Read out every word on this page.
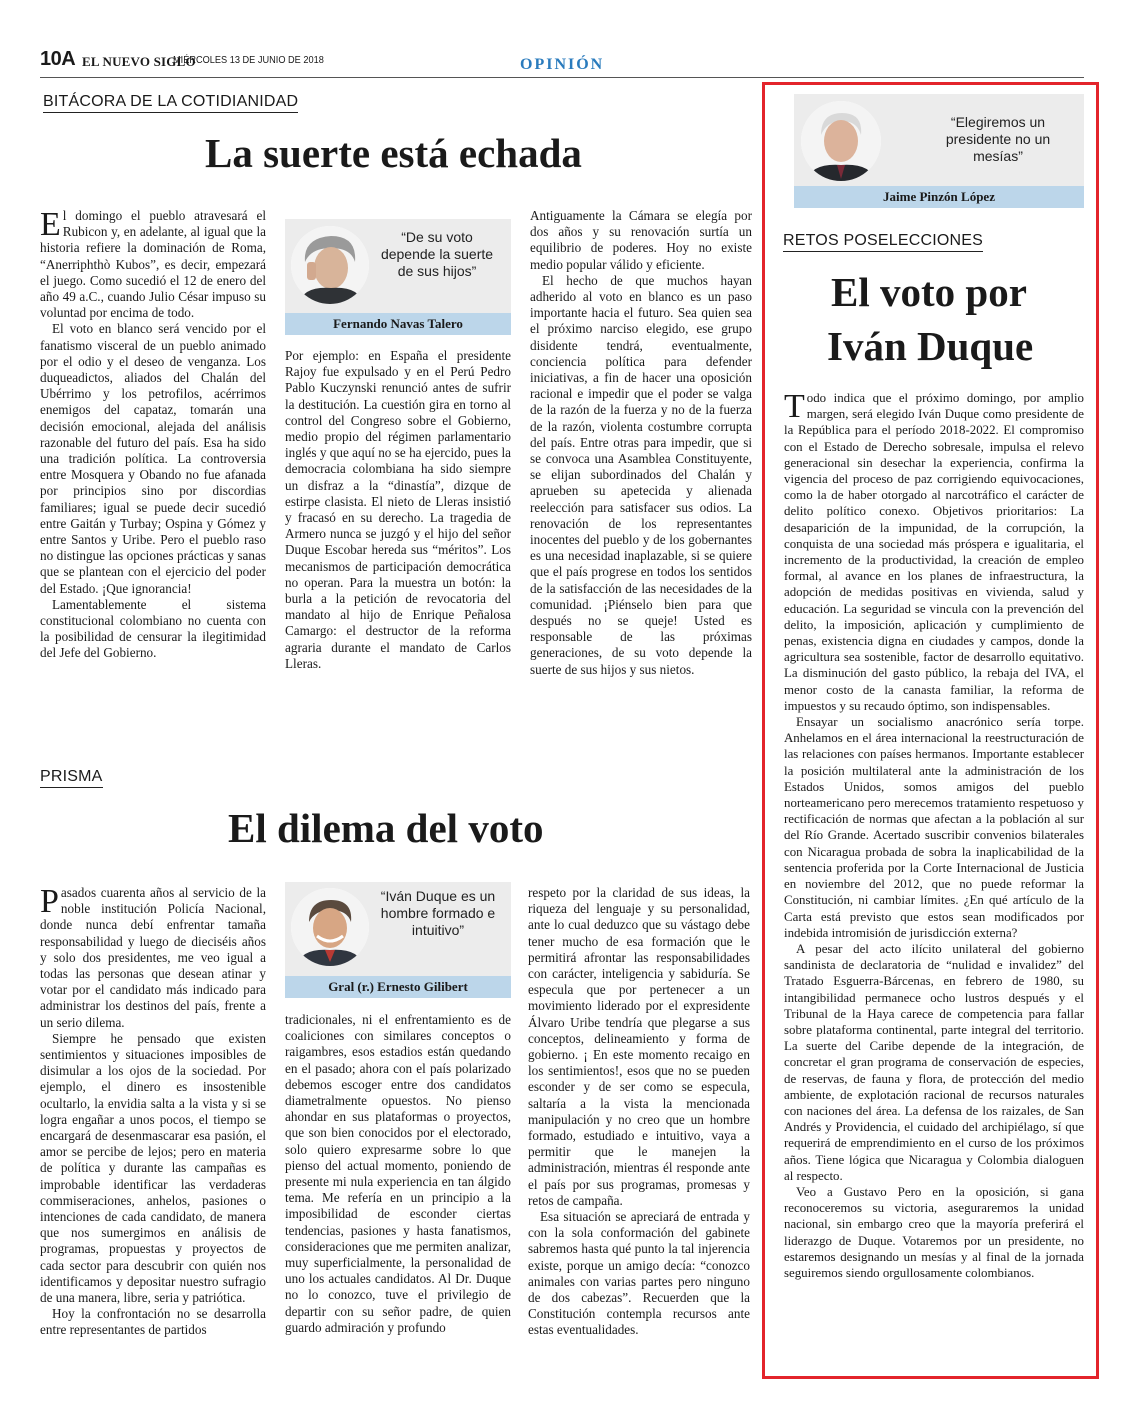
10A EL NUEVO SIGLO
MIÉRCOLES 13 DE JUNIO DE 2018	OPINIÓN
BITÁCORA DE LA COTIDIANIDAD
La suerte está echada

El domingo el pueblo atravesará el Rubicon y, en adelante, al igual que la historia refiere la dominación de Roma, “Anerriphthò Kubos”, es decir, empezará el juego. Como sucedió el 12 de enero del año 49 a.C., cuando Julio César impuso su voluntad por encima de todo.

El voto en blanco será vencido por el fanatismo visceral de un pueblo animado por el odio y el deseo de venganza. Los duqueadictos, aliados del Chalán del Ubérrimo y los petrofilos, acérrimos enemigos del capataz, tomarán una decisión emocional, alejada del análisis razonable del futuro del país. Esa ha sido una tradición política. La controversia entre Mosquera y Obando no fue afanada por principios sino por discordias familiares; igual se puede decir sucedió entre Gaitán y Turbay; Ospina y Gómez y entre Santos y Uribe. Pero el pueblo raso no distingue las opciones prácticas y sanas que se plantean con el ejercicio del poder del Estado. ¡Que ignorancia!

Lamentablemente el sistema constitucional colombiano no cuenta con la posibilidad de censurar la ilegitimidad del Jefe del Gobierno.

“De su voto depende la suerte de sus hijos”
Fernando Navas Talero

Por ejemplo: en España el presidente Rajoy fue expulsado y en el Perú Pedro Pablo Kuczynski renunció antes de sufrir la destitución. La cuestión gira en torno al control del Congreso sobre el Gobierno, medio propio del régimen parlamentario inglés y que aquí no se ha ejercido, pues la democracia colombiana ha sido siempre un disfraz a la “dinastía”, dizque de estirpe clasista. El nieto de Lleras insistió y fracasó en su derecho. La tragedia de Armero nunca se juzgó y el hijo del señor Duque Escobar hereda sus “méritos”. Los mecanismos de participación democrática no operan. Para la muestra un botón: la burla a la petición de revocatoria del mandato al hijo de Enrique Peñalosa Camargo: el destructor de la reforma agraria durante el mandato de Carlos Lleras.

Antiguamente la Cámara se elegía por dos años y su renovación surtía un equilibrio de poderes. Hoy no existe medio popular válido y eficiente.

El hecho de que muchos hayan adherido al voto en blanco es un paso importante hacia el futuro. Sea quien sea el próximo narciso elegido, ese grupo disidente tendrá, eventualmente, conciencia política para defender iniciativas, a fin de hacer una oposición racional e impedir que el poder se valga de la razón de la fuerza y no de la fuerza de la razón, violenta costumbre corrupta del país. Entre otras para impedir, que si se convoca una Asamblea Constituyente, se elijan subordinados del Chalán y aprueben su apetecida y alienada reelección para satisfacer sus odios. La renovación de los representantes inocentes del pueblo y de los gobernantes es una necesidad inaplazable, si se quiere que el país progrese en todos los sentidos de la satisfacción de las necesidades de la comunidad. ¡Piénselo bien para que después no se queje! Usted es responsable de las próximas generaciones, de su voto depende la suerte de sus hijos y sus nietos.

PRISMA
El dilema del voto

Pasados cuarenta años al servicio de la noble institución Policía Nacional, donde nunca debí enfrentar tamaña responsabilidad y luego de dieciséis años y solo dos presidentes, me veo igual a todas las personas que desean atinar y votar por el candidato más indicado para administrar los destinos del país, frente a un serio dilema.

Siempre he pensado que existen sentimientos y situaciones imposibles de disimular a los ojos de la sociedad. Por ejemplo, el dinero es insostenible ocultarlo, la envidia salta a la vista y si se logra engañar a unos pocos, el tiempo se encargará de desenmascarar esa pasión, el amor se percibe de lejos; pero en materia de política y durante las campañas es improbable identificar las verdaderas commiseraciones, anhelos, pasiones o intenciones de cada candidato, de manera que nos sumergimos en análisis de programas, propuestas y proyectos de cada sector para descubrir con quién nos identificamos y depositar nuestro sufragio de una manera, libre, seria y patriótica.

Hoy la confrontación no se desarrolla entre representantes de partidos

“Iván Duque es un hombre formado e intuitivo”
Gral (r.) Ernesto Gilibert

tradicionales, ni el enfrentamiento es de coaliciones con similares conceptos o raigambres, esos estadios están quedando en el pasado; ahora con el país polarizado debemos escoger entre dos candidatos diametralmente opuestos. No pienso ahondar en sus plataformas o proyectos, que son bien conocidos por el electorado, solo quiero expresarme sobre lo que pienso del actual momento, poniendo de presente mi nula experiencia en tan álgido tema. Me refería en un principio a la imposibilidad de esconder ciertas tendencias, pasiones y hasta fanatismos, consideraciones que me permiten analizar, muy superficialmente, la personalidad de uno los actuales candidatos. Al Dr. Duque no lo conozco, tuve el privilegio de departir con su señor padre, de quien guardo admiración y profundo

respeto por la claridad de sus ideas, la riqueza del lenguaje y su personalidad, ante lo cual deduzco que su vástago debe tener mucho de esa formación que le permitirá afrontar las responsabilidades con carácter, inteligencia y sabiduría. Se especula que por pertenecer a un movimiento liderado por el expresidente Álvaro Uribe tendría que plegarse a sus conceptos, delineamiento y forma de gobierno. ¡ En este momento recaigo en los sentimientos!, esos que no se pueden esconder y de ser como se especula, saltaría a la vista la mencionada manipulación y no creo que un hombre formado, estudiado e intuitivo, vaya a permitir que le manejen la administración, mientras él responde ante el país por sus programas, promesas y retos de campaña.

Esa situación se apreciará de entrada y con la sola conformación del gabinete sabremos hasta qué punto la tal injerencia existe, porque un amigo decía: “conozco animales con varias partes pero ninguno de dos cabezas”. Recuerden que la Constitución contempla recursos ante estas eventualidades.

“Elegiremos un presidente no un mesías”
Jaime Pinzón López
RETOS POSELECCIONES
El voto por
Iván Duque

Todo indica que el próximo domingo, por amplio margen, será elegido Iván Duque como presidente de la República para el período 2018-2022. El compromiso con el Estado de Derecho sobresale, impulsa el relevo generacional sin desechar la experiencia, confirma la vigencia del proceso de paz corrigiendo equivocaciones, como la de haber otorgado al narcotráfico el carácter de delito político conexo. Objetivos prioritarios: La desaparición de la impunidad, de la corrupción, la conquista de una sociedad más próspera e igualitaria, el incremento de la productividad, la creación de empleo formal, al avance en los planes de infraestructura, la adopción de medidas positivas en vivienda, salud y educación. La seguridad se vincula con la prevención del delito, la imposición, aplicación y cumplimiento de penas, existencia digna en ciudades y campos, donde la agricultura sea sostenible, factor de desarrollo equitativo. La disminución del gasto público, la rebaja del IVA, el menor costo de la canasta familiar, la reforma de impuestos y su recaudo óptimo, son indispensables.

Ensayar un socialismo anacrónico sería torpe. Anhelamos en el área internacional la reestructuración de las relaciones con países hermanos. Importante establecer la posición multilateral ante la administración de los Estados Unidos, somos amigos del pueblo norteamericano pero merecemos tratamiento respetuoso y rectificación de normas que afectan a la población al sur del Río Grande. Acertado suscribir convenios bilaterales con Nicaragua probada de sobra la inaplicabilidad de la sentencia proferida por la Corte Internacional de Justicia en noviembre del 2012, que no puede reformar la Constitución, ni cambiar límites. ¿En qué artículo de la Carta está previsto que estos sean modificados por indebida intromisión de jurisdicción externa?

A pesar del acto ilícito unilateral del gobierno sandinista de declaratoria de “nulidad e invalidez” del Tratado Esguerra-Bárcenas, en febrero de 1980, su intangibilidad permanece ocho lustros después y el Tribunal de la Haya carece de competencia para fallar sobre plataforma continental, parte integral del territorio. La suerte del Caribe depende de la integración, de concretar el gran programa de conservación de especies, de reservas, de fauna y flora, de protección del medio ambiente, de explotación racional de recursos naturales con naciones del área. La defensa de los raizales, de San Andrés y Providencia, el cuidado del archipiélago, sí que requerirá de emprendimiento en el curso de los próximos años. Tiene lógica que Nicaragua y Colombia dialoguen al respecto.

Veo a Gustavo Pero en la oposición, si gana reconoceremos su victoria, aseguraremos la unidad nacional, sin embargo creo que la mayoría preferirá el liderazgo de Duque. Votaremos por un presidente, no estaremos designando un mesías y al final de la jornada seguiremos siendo orgullosamente colombianos.
